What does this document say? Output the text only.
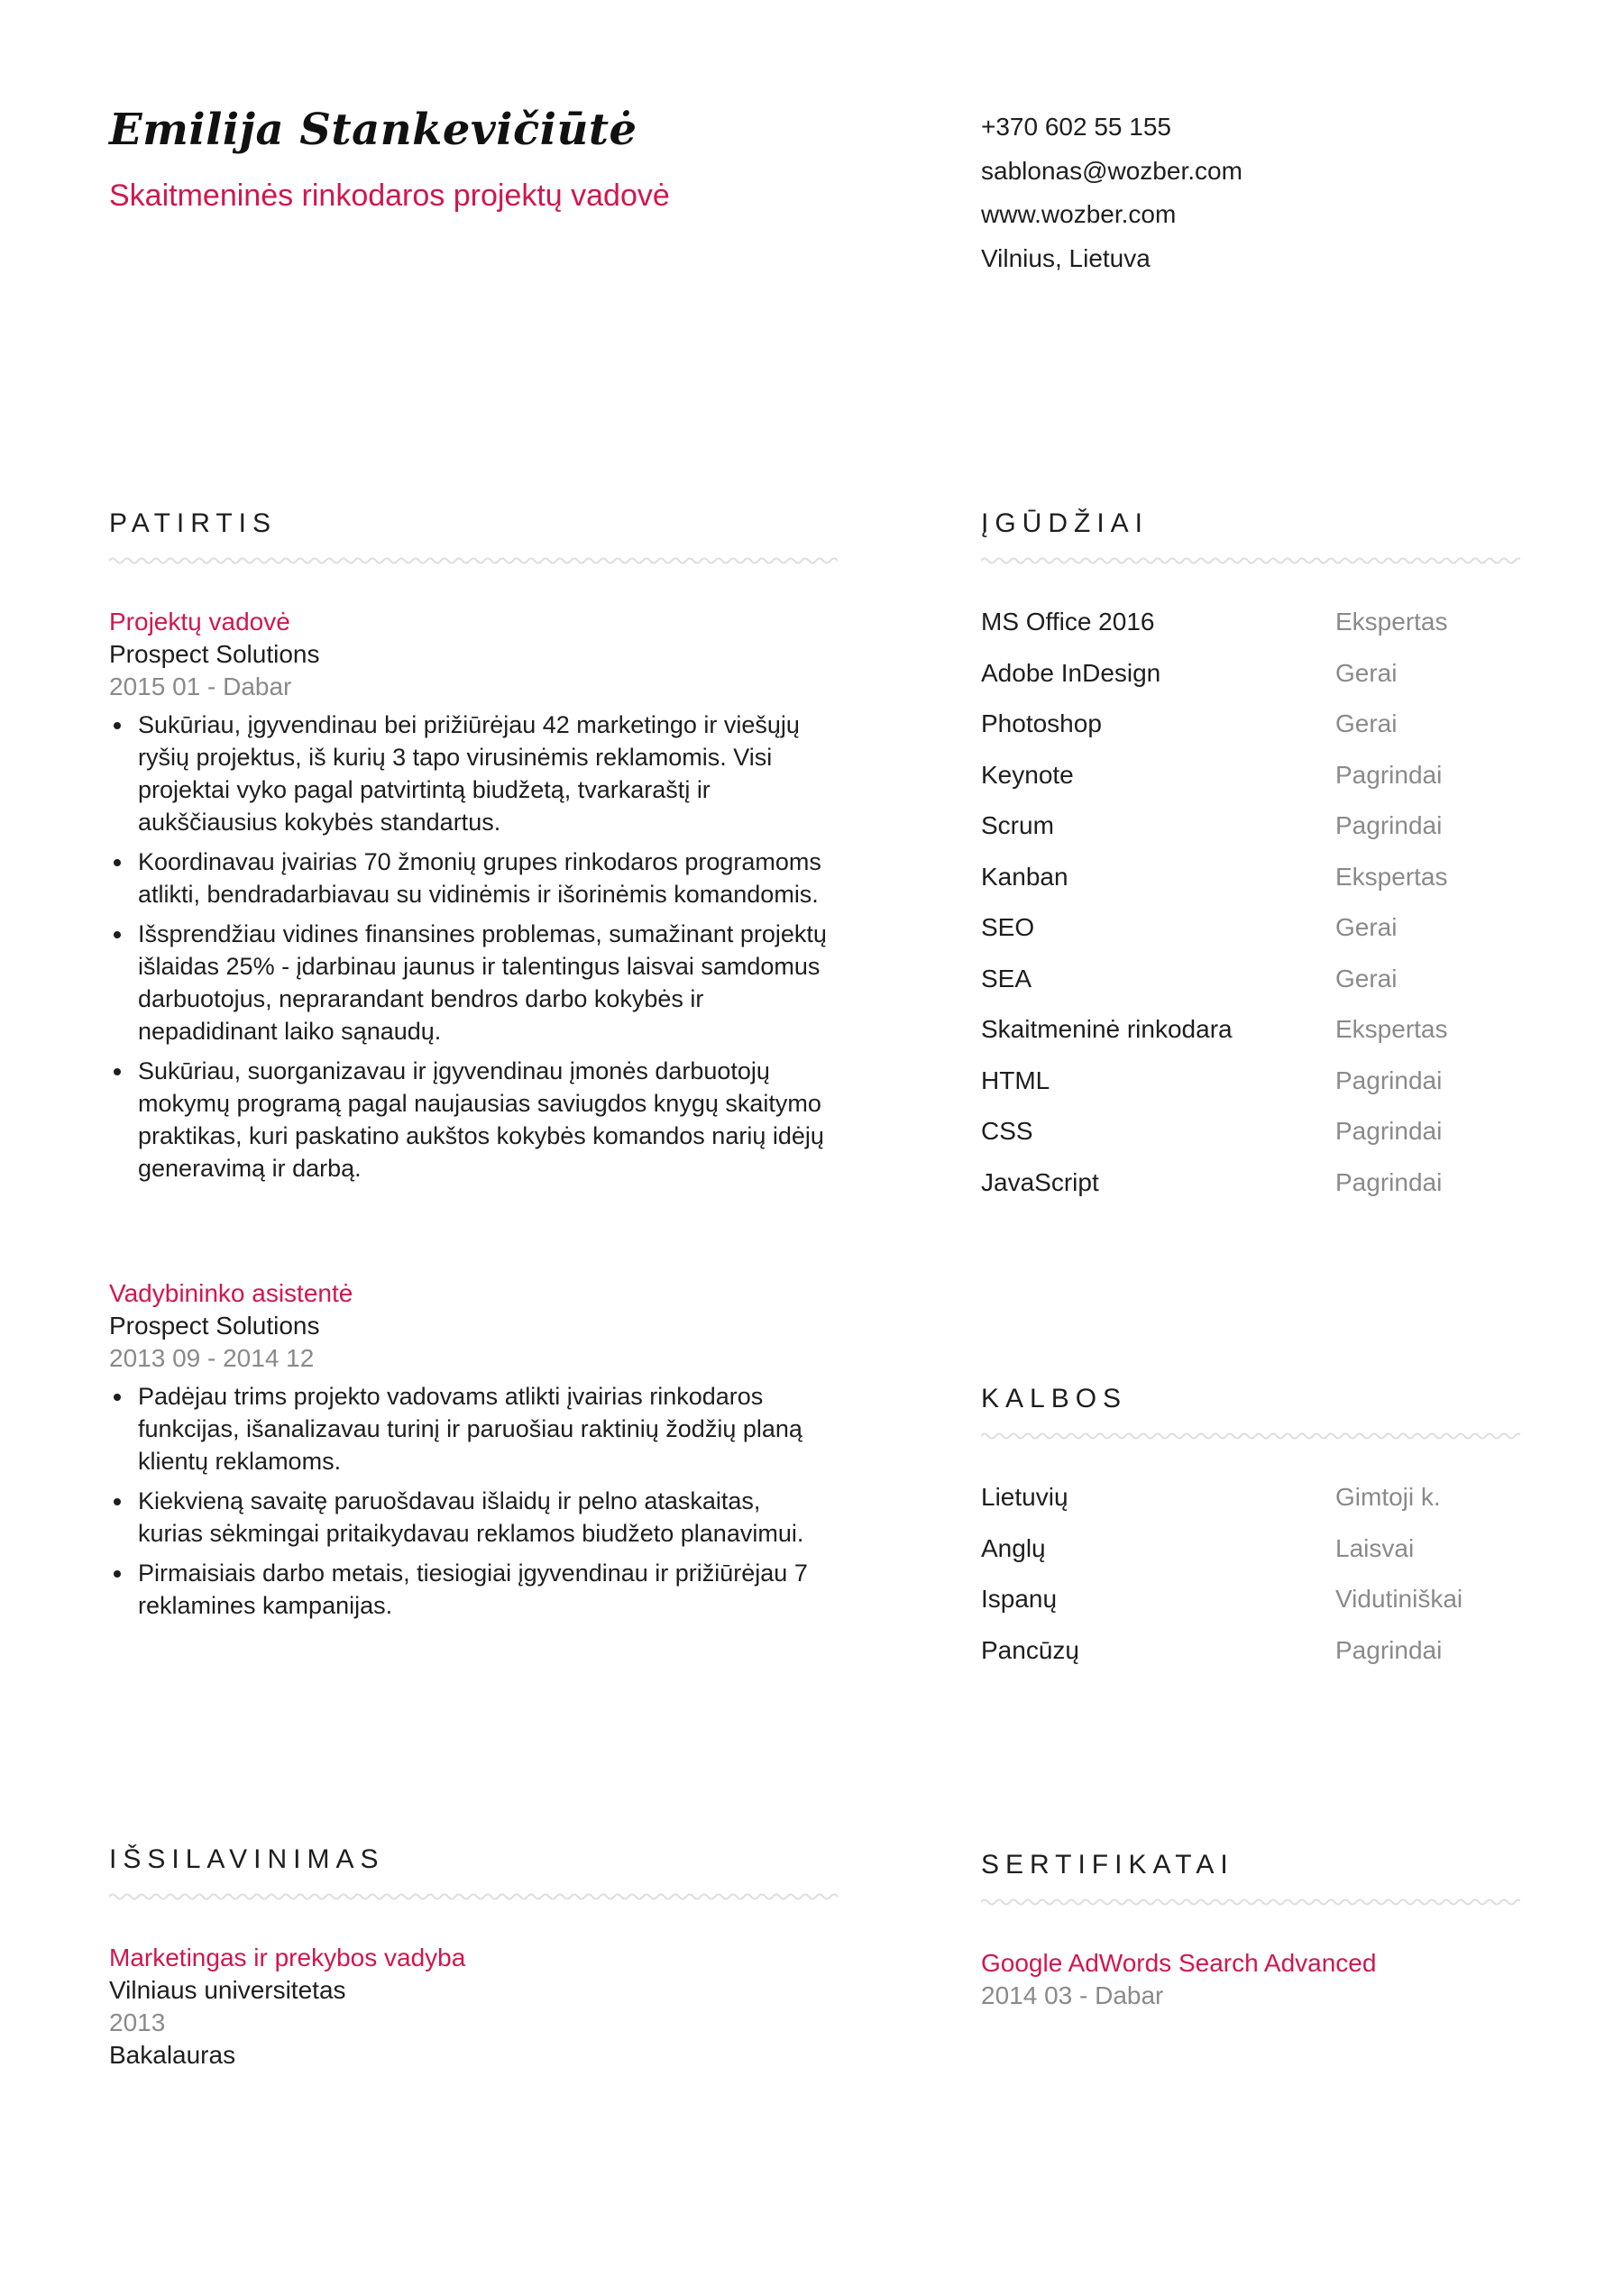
Emilija Stankevičiūtė
Skaitmeninės rinkodaros projektų vadovė
+370 602 55 155
sablonas@wozber.com
www.wozber.com
Vilnius, Lietuva
PATIRTIS
Projektų vadovė
Prospect Solutions
2015 01 - Dabar
Sukūriau, įgyvendinau bei prižiūrėjau 42 marketingo ir viešųjų ryšių projektus, iš kurių 3 tapo virusinėmis reklamomis. Visi projektai vyko pagal patvirtintą biudžetą, tvarkaraštį ir aukščiausius kokybės standartus.
Koordinavau įvairias 70 žmonių grupes rinkodaros programoms atlikti, bendradarbiavau su vidinėmis ir išorinėmis komandomis.
Išsprendžiau vidines finansines problemas, sumažinant projektų išlaidas 25% - įdarbinau jaunus ir talentingus laisvai samdomus darbuotojus, neprarandant bendros darbo kokybės ir nepadidinant laiko sąnaudų.
Sukūriau, suorganizavau ir įgyvendinau įmonės darbuotojų mokymų programą pagal naujausias saviugdos knygų skaitymo praktikas, kuri paskatino aukštos kokybės komandos narių idėjų generavimą ir darbą.
Vadybininko asistentė
Prospect Solutions
2013 09 - 2014 12
Padėjau trims projekto vadovams atlikti įvairias rinkodaros funkcijas, išanalizavau turinį ir paruošiau raktinių žodžių planą klientų reklamoms.
Kiekvieną savaitę paruošdavau išlaidų ir pelno ataskaitas, kurias sėkmingai pritaikydavau reklamos biudžeto planavimui.
Pirmaisiais darbo metais, tiesiogiai įgyvendinau ir prižiūrėjau 7 reklamines kampanijas.
ĮGŪDŽIAI
MS Office 2016	Ekspertas
Adobe InDesign	Gerai
Photoshop	Gerai
Keynote	Pagrindai
Scrum	Pagrindai
Kanban	Ekspertas
SEO	Gerai
SEA	Gerai
Skaitmeninė rinkodara	Ekspertas
HTML	Pagrindai
CSS	Pagrindai
JavaScript	Pagrindai
KALBOS
Lietuvių	Gimtoji k.
Anglų	Laisvai
Ispanų	Vidutiniškai
Pancūzų	Pagrindai
IŠSILAVINIMAS
Marketingas ir prekybos vadyba
Vilniaus universitetas
2013
Bakalauras
SERTIFIKATAI
Google AdWords Search Advanced
2014 03 - Dabar
